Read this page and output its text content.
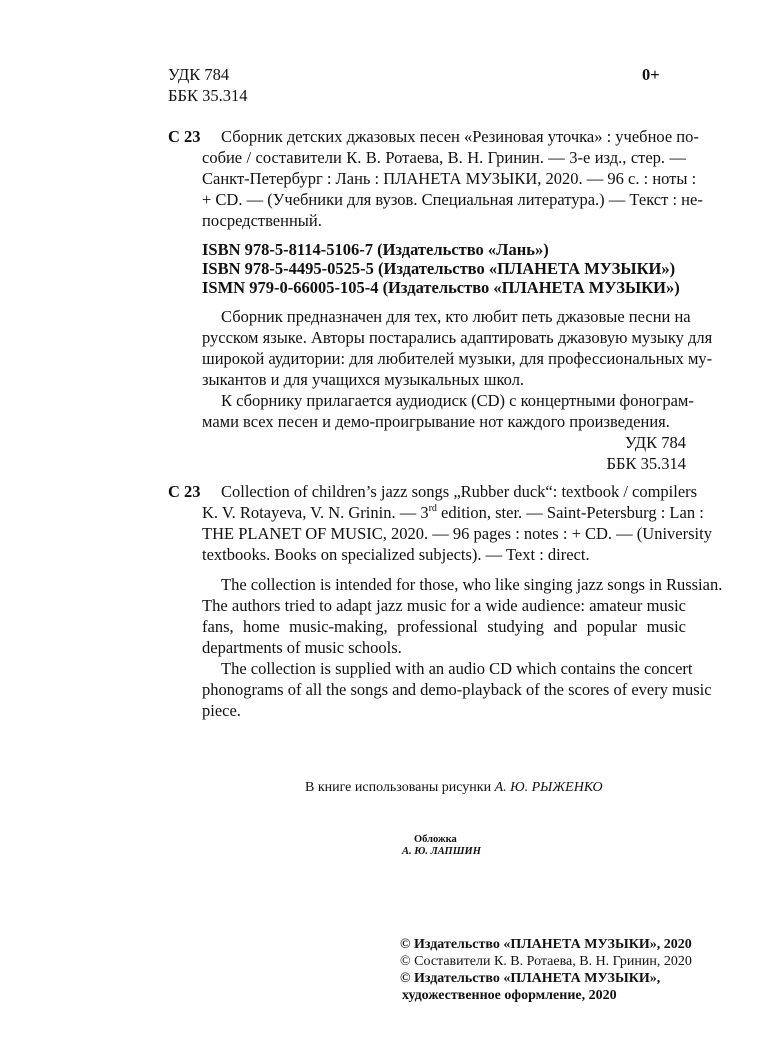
УДК 784
ББК 35.314
0+
С 23 Сборник детских джазовых песен «Резиновая уточка» : учебное по-
собие / составители К. В. Ротаева, В. Н. Гринин. — 3-е изд., стер. —
Санкт-Петербург : Лань : ПЛАНЕТА МУЗЫКИ, 2020. — 96 с. : ноты :
+ CD. — (Учебники для вузов. Специальная литература.) — Текст : не-
посредственный.
ISBN 978-5-8114-5106-7 (Издательство «Лань»)
ISBN 978-5-4495-0525-5 (Издательство «ПЛАНЕТА МУЗЫКИ»)
ISMN 979-0-66005-105-4 (Издательство «ПЛАНЕТА МУЗЫКИ»)
Сборник предназначен для тех, кто любит петь джазовые песни на
русском языке. Авторы постарались адаптировать джазовую музыку для
широкой аудитории: для любителей музыки, для профессиональных му-
зыкантов и для учащихся музыкальных школ.
К сборнику прилагается аудиодиск (CD) с концертными фонограм-
мами всех песен и демо-проигрывание нот каждого произведения.
УДК 784
ББК 35.314
С 23 Collection of children’s jazz songs „Rubber duck“: textbook / compilers
K. V. Rotayeva, V. N. Grinin. — 3rd edition, ster. — Saint-Petersburg : Lan :
THE PLANET OF MUSIC, 2020. — 96 pages : notes : + CD. — (University
textbooks. Books on specialized subjects). — Text : direct.
The collection is intended for those, who like singing jazz songs in Russian.
The authors tried to adapt jazz music for a wide audience: amateur music
fans, home music-making, professional studying and popular music
departments of music schools.
The collection is supplied with an audio CD which contains the concert
phonograms of all the songs and demo-playback of the scores of every music
piece.
В книге использованы рисунки А. Ю. РЫЖЕНКО
Обложка
А. Ю. ЛАПШИН
© Издательство «ПЛАНЕТА МУЗЫКИ», 2020
© Составители К. В. Ротаева, В. Н. Гринин, 2020
© Издательство «ПЛАНЕТА МУЗЫКИ»,
художественное оформление, 2020
